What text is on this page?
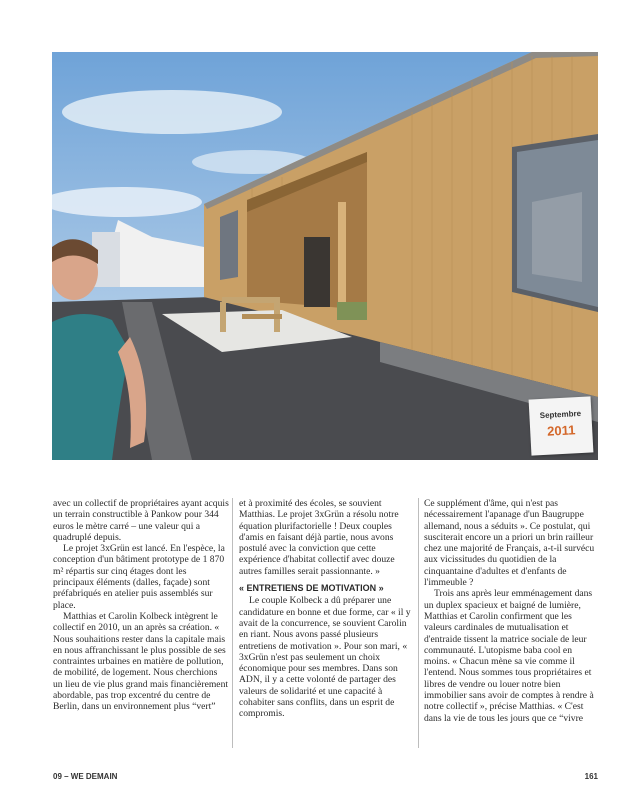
Septembre
2011

avec un collectif de propriétaires ayant acquis un terrain constructible à Pankow pour 344 euros le mètre carré – une valeur qui a quadruplé depuis.

Le projet 3xGrün est lancé. En l'espèce, la conception d'un bâtiment prototype de 1 870 m² répartis sur cinq étages dont les principaux éléments (dalles, façade) sont préfabriqués en atelier puis assemblés sur place.

Matthias et Carolin Kolbeck intègrent le collectif en 2010, un an après sa création. « Nous souhaitions rester dans la capitale mais en nous affranchissant le plus possible de ses contraintes urbaines en matière de pollution, de mobilité, de logement. Nous cherchions un lieu de vie plus grand mais financièrement abordable, pas trop excentré du centre de Berlin, dans un environnement plus “vert”

et à proximité des écoles, se souvient Matthias. Le projet 3xGrün a résolu notre équation plurifactorielle ! Deux couples d'amis en faisant déjà partie, nous avons postulé avec la conviction que cette expérience d'habitat collectif avec douze autres familles serait passionnante. »

« ENTRETIENS DE MOTIVATION »

Le couple Kolbeck a dû préparer une candidature en bonne et due forme, car « il y avait de la concurrence, se souvient Carolin en riant. Nous avons passé plusieurs entretiens de motivation ». Pour son mari, « 3xGrün n'est pas seulement un choix économique pour ses membres. Dans son ADN, il y a cette volonté de partager des valeurs de solidarité et une capacité à cohabiter sans conflits, dans un esprit de compromis.

Ce supplément d'âme, qui n'est pas nécessairement l'apanage d'un Baugruppe allemand, nous a séduits ». Ce postulat, qui susciterait encore un a priori un brin railleur chez une majorité de Français, a-t-il survécu aux vicissitudes du quotidien de la cinquantaine d'adultes et d'enfants de l'immeuble ?

Trois ans après leur emménagement dans un duplex spacieux et baigné de lumière, Matthias et Carolin confirment que les valeurs cardinales de mutualisation et d'entraide tissent la matrice sociale de leur communauté. L'utopisme baba cool en moins. « Chacun mène sa vie comme il l'entend. Nous sommes tous propriétaires et libres de vendre ou louer notre bien immobilier sans avoir de comptes à rendre à notre collectif », précise Matthias. « C'est dans la vie de tous les jours que ce “vivre

09 – WE DEMAIN	161
